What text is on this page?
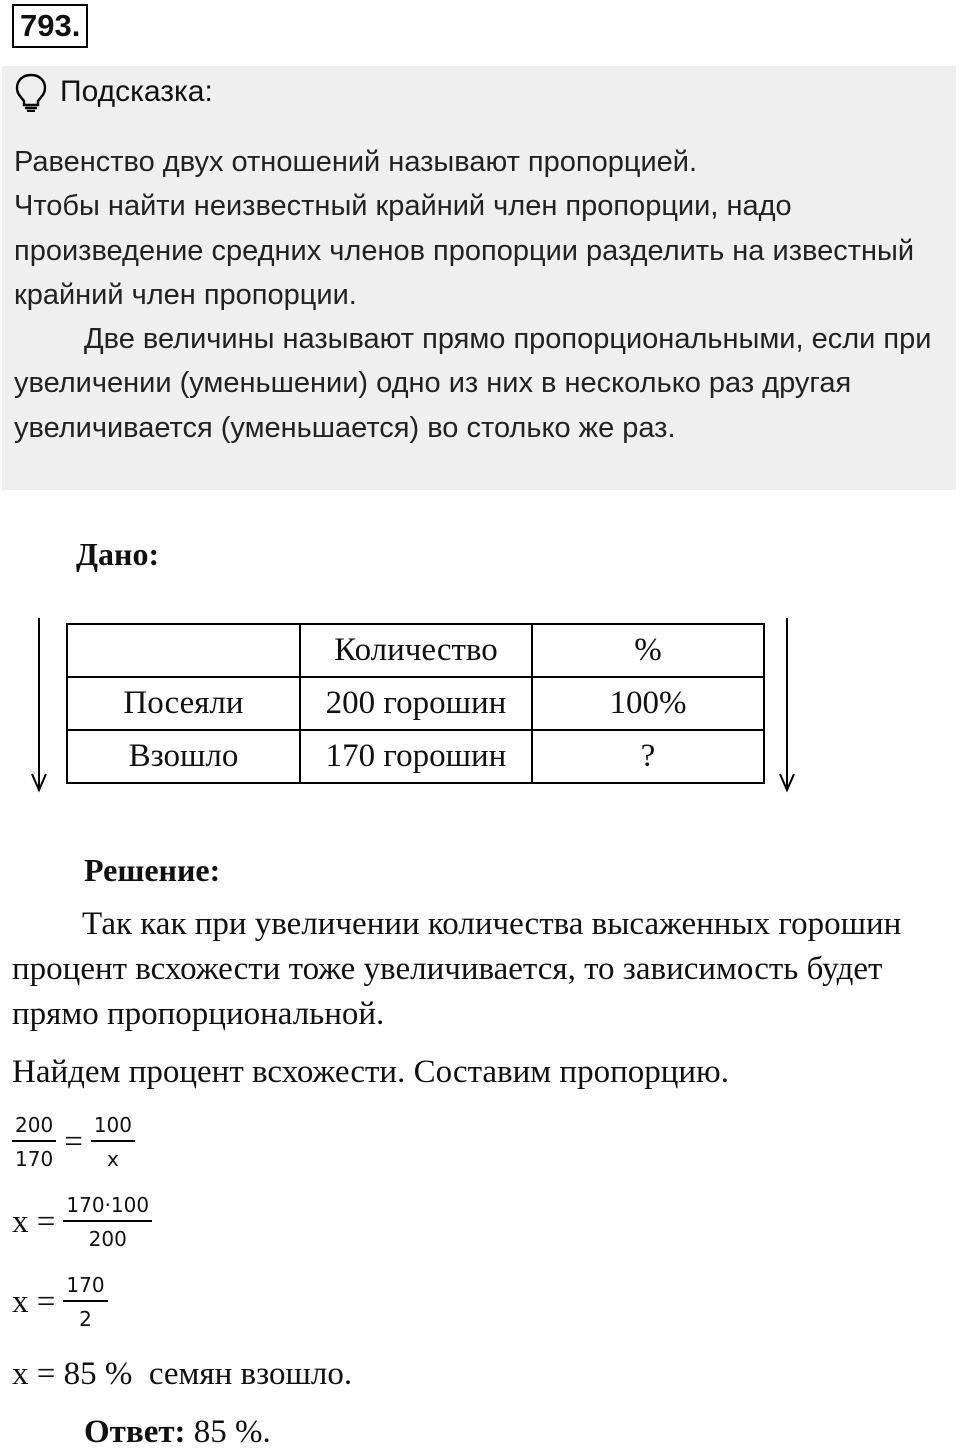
793.
Подсказка:

Равенство двух отношений называют пропорцией.

Чтобы найти неизвестный крайний член пропорции, надо произведение средних членов пропорции разделить на известный крайний член пропорции.

Две величины называют прямо пропорциональными, если при увеличении (уменьшении) одно из них в несколько раз другая увеличивается (уменьшается) во столько же раз.

Дано:
	Количество	%
Посеяли	200 горошин	100%
Взошло	170 горошин	?
Решение:

Так как при увеличении количества высаженных горошин процент всхожести тоже увеличивается, то зависимость будет прямо пропорциональной.

Найдем процент всхожести. Составим пропорцию.
$\frac{200}{170} = \frac{100}{x}$
$x = \frac{170\cdot 100}{200}$
$x = \frac{170}{2}$
x = 85 %  семян взошло.
Ответ: 85 %.
